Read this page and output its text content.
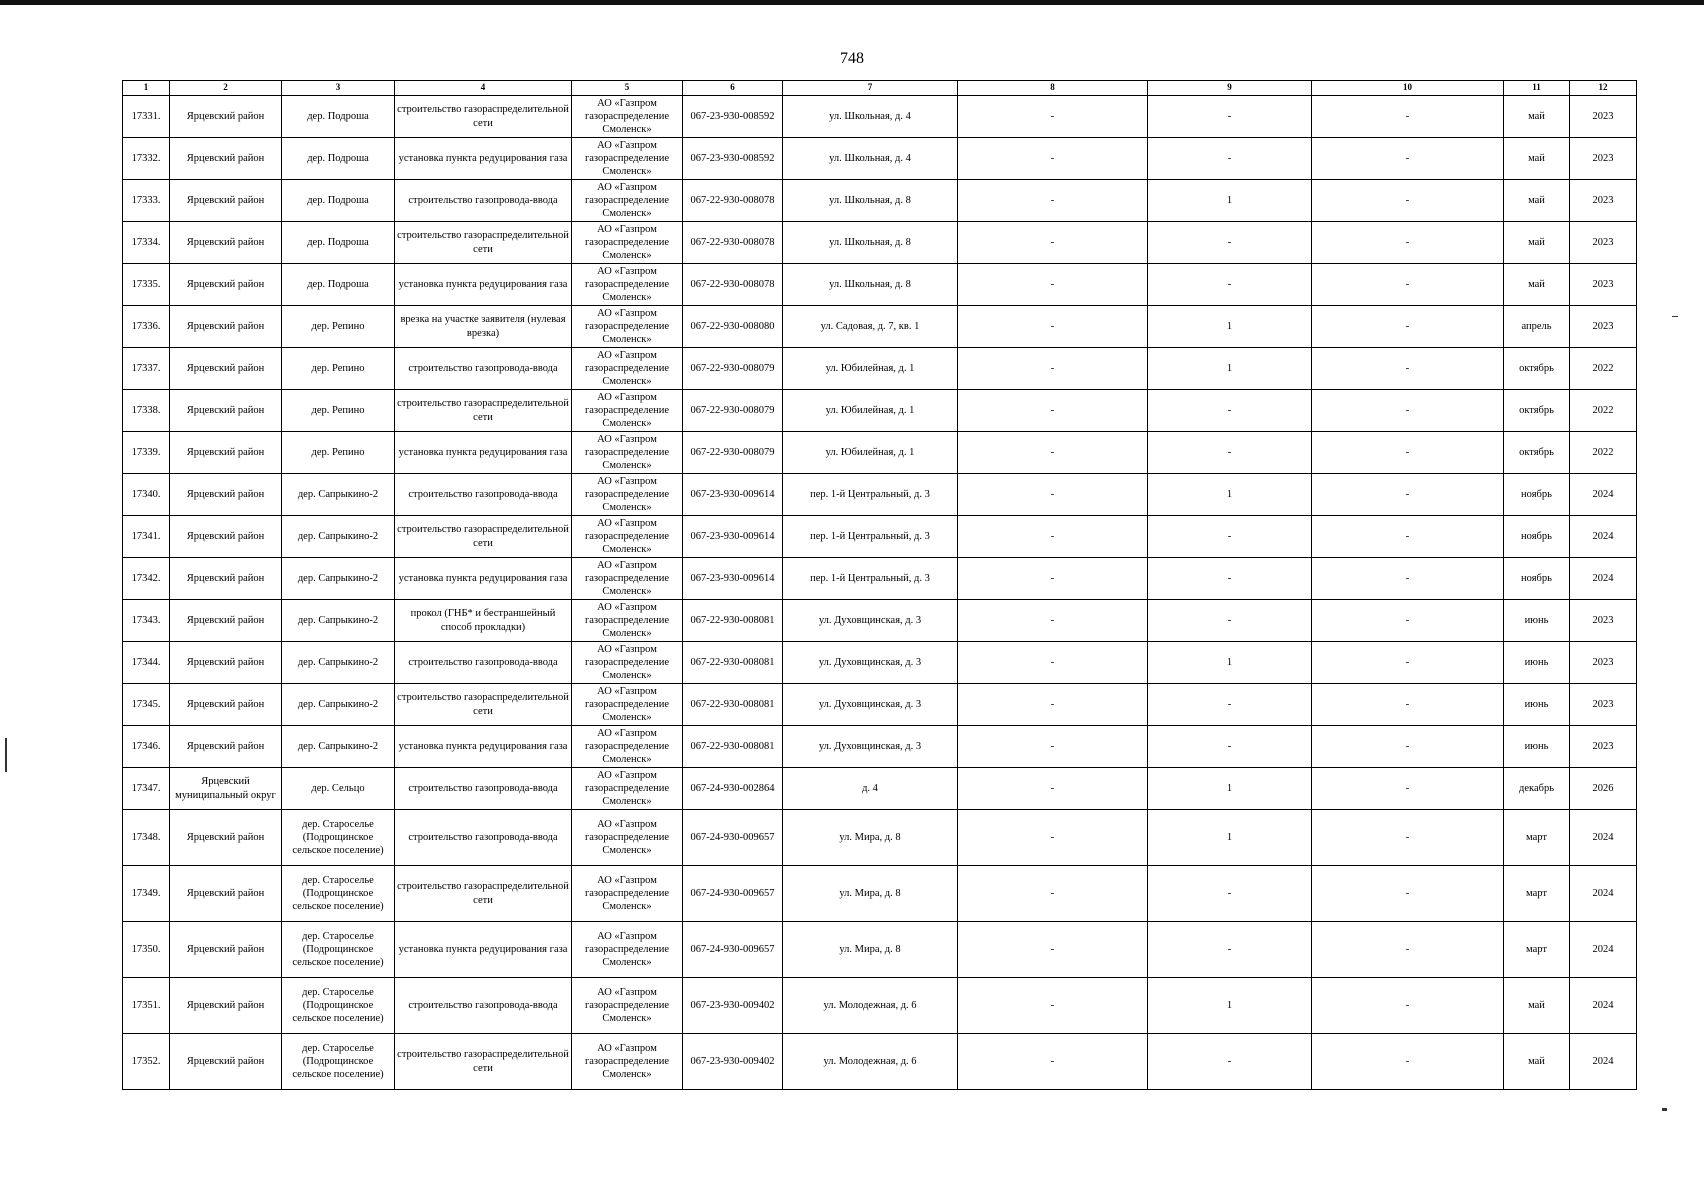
748
1	2	3	4	5	6	7	8	9	10	11	12
17331.	Ярцевский район	дер. Подроша	строительство газораспределительной сети	АО «Газпром газораспределение Смоленск»	067-23-930-008592	ул. Школьная, д. 4	-	-	-	май	2023
17332.	Ярцевский район	дер. Подроша	установка пункта редуцирования газа	АО «Газпром газораспределение Смоленск»	067-23-930-008592	ул. Школьная, д. 4	-	-	-	май	2023
17333.	Ярцевский район	дер. Подроша	строительство газопровода-ввода	АО «Газпром газораспределение Смоленск»	067-22-930-008078	ул. Школьная, д. 8	-	1	-	май	2023
17334.	Ярцевский район	дер. Подроша	строительство газораспределительной сети	АО «Газпром газораспределение Смоленск»	067-22-930-008078	ул. Школьная, д. 8	-	-	-	май	2023
17335.	Ярцевский район	дер. Подроша	установка пункта редуцирования газа	АО «Газпром газораспределение Смоленск»	067-22-930-008078	ул. Школьная, д. 8	-	-	-	май	2023
17336.	Ярцевский район	дер. Репино	врезка на участке заявителя (нулевая врезка)	АО «Газпром газораспределение Смоленск»	067-22-930-008080	ул. Садовая, д. 7, кв. 1	-	1	-	апрель	2023
17337.	Ярцевский район	дер. Репино	строительство газопровода-ввода	АО «Газпром газораспределение Смоленск»	067-22-930-008079	ул. Юбилейная, д. 1	-	1	-	октябрь	2022
17338.	Ярцевский район	дер. Репино	строительство газораспределительной сети	АО «Газпром газораспределение Смоленск»	067-22-930-008079	ул. Юбилейная, д. 1	-	-	-	октябрь	2022
17339.	Ярцевский район	дер. Репино	установка пункта редуцирования газа	АО «Газпром газораспределение Смоленск»	067-22-930-008079	ул. Юбилейная, д. 1	-	-	-	октябрь	2022
17340.	Ярцевский район	дер. Сапрыкино-2	строительство газопровода-ввода	АО «Газпром газораспределение Смоленск»	067-23-930-009614	пер. 1-й Центральный, д. 3	-	1	-	ноябрь	2024
17341.	Ярцевский район	дер. Сапрыкино-2	строительство газораспределительной сети	АО «Газпром газораспределение Смоленск»	067-23-930-009614	пер. 1-й Центральный, д. 3	-	-	-	ноябрь	2024
17342.	Ярцевский район	дер. Сапрыкино-2	установка пункта редуцирования газа	АО «Газпром газораспределение Смоленск»	067-23-930-009614	пер. 1-й Центральный, д. 3	-	-	-	ноябрь	2024
17343.	Ярцевский район	дер. Сапрыкино-2	прокол (ГНБ* и бестраншейный способ прокладки)	АО «Газпром газораспределение Смоленск»	067-22-930-008081	ул. Духовщинская, д. 3	-	-	-	июнь	2023
17344.	Ярцевский район	дер. Сапрыкино-2	строительство газопровода-ввода	АО «Газпром газораспределение Смоленск»	067-22-930-008081	ул. Духовщинская, д. 3	-	1	-	июнь	2023
17345.	Ярцевский район	дер. Сапрыкино-2	строительство газораспределительной сети	АО «Газпром газораспределение Смоленск»	067-22-930-008081	ул. Духовщинская, д. 3	-	-	-	июнь	2023
17346.	Ярцевский район	дер. Сапрыкино-2	установка пункта редуцирования газа	АО «Газпром газораспределение Смоленск»	067-22-930-008081	ул. Духовщинская, д. 3	-	-	-	июнь	2023
17347.	Ярцевский муниципальный округ	дер. Сельцо	строительство газопровода-ввода	АО «Газпром газораспределение Смоленск»	067-24-930-002864	д. 4	-	1	-	декабрь	2026
17348.	Ярцевский район	дер. Староселье (Подрощинское сельское поселение)	строительство газопровода-ввода	АО «Газпром газораспределение Смоленск»	067-24-930-009657	ул. Мира, д. 8	-	1	-	март	2024
17349.	Ярцевский район	дер. Староселье (Подрощинское сельское поселение)	строительство газораспределительной сети	АО «Газпром газораспределение Смоленск»	067-24-930-009657	ул. Мира, д. 8	-	-	-	март	2024
17350.	Ярцевский район	дер. Староселье (Подрощинское сельское поселение)	установка пункта редуцирования газа	АО «Газпром газораспределение Смоленск»	067-24-930-009657	ул. Мира, д. 8	-	-	-	март	2024
17351.	Ярцевский район	дер. Староселье (Подрощинское сельское поселение)	строительство газопровода-ввода	АО «Газпром газораспределение Смоленск»	067-23-930-009402	ул. Молодежная, д. 6	-	1	-	май	2024
17352.	Ярцевский район	дер. Староселье (Подрощинское сельское поселение)	строительство газораспределительной сети	АО «Газпром газораспределение Смоленск»	067-23-930-009402	ул. Молодежная, д. 6	-	-	-	май	2024
